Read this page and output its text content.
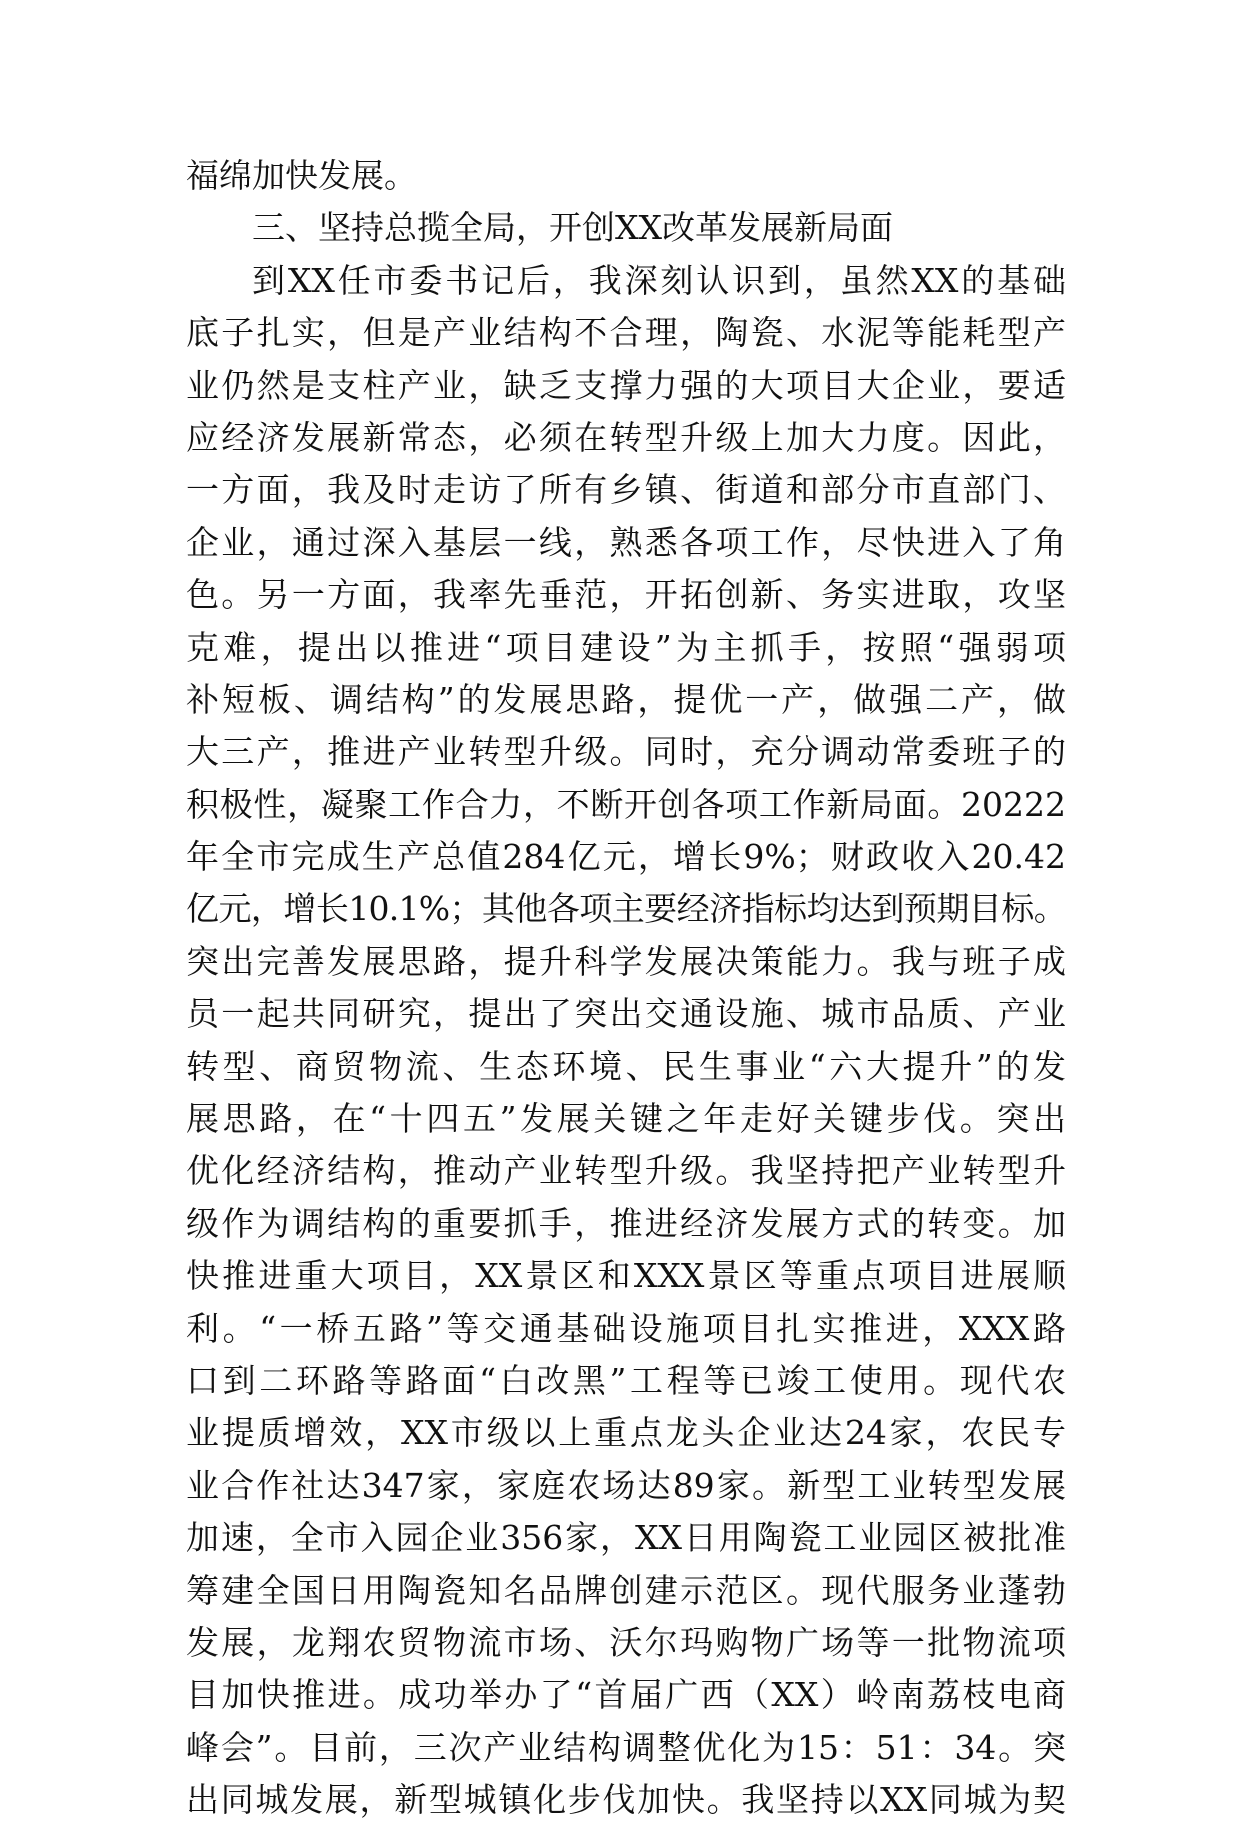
福绵加快发展。
三、坚持总揽全局，开创XX改革发展新局面
到XX任市委书记后，我深刻认识到，虽然XX的基础
底子扎实，但是产业结构不合理，陶瓷、水泥等能耗型产
业仍然是支柱产业，缺乏支撑力强的大项目大企业，要适
应经济发展新常态，必须在转型升级上加大力度。因此，
一方面，我及时走访了所有乡镇、街道和部分市直部门、
企业，通过深入基层一线，熟悉各项工作，尽快进入了角
色。另一方面，我率先垂范，开拓创新、务实进取，攻坚
克难，提出以推进“项目建设”为主抓手，按照“强弱项
补短板、调结构”的发展思路，提优一产，做强二产，做
大三产，推进产业转型升级。同时，充分调动常委班子的
积极性，凝聚工作合力，不断开创各项工作新局面。20222
年全市完成生产总值284亿元，增长9%；财政收入20.42
亿元，增长10.1%；其他各项主要经济指标均达到预期目标。
突出完善发展思路，提升科学发展决策能力。我与班子成
员一起共同研究，提出了突出交通设施、城市品质、产业
转型、商贸物流、生态环境、民生事业“六大提升”的发
展思路，在“十四五”发展关键之年走好关键步伐。突出
优化经济结构，推动产业转型升级。我坚持把产业转型升
级作为调结构的重要抓手，推进经济发展方式的转变。加
快推进重大项目，XX景区和XXX景区等重点项目进展顺
利。“一桥五路”等交通基础设施项目扎实推进，XXX路
口到二环路等路面“白改黑”工程等已竣工使用。现代农
业提质增效，XX市级以上重点龙头企业达24家，农民专
业合作社达347家，家庭农场达89家。新型工业转型发展
加速，全市入园企业356家，XX日用陶瓷工业园区被批准
筹建全国日用陶瓷知名品牌创建示范区。现代服务业蓬勃
发展，龙翔农贸物流市场、沃尔玛购物广场等一批物流项
目加快推进。成功举办了“首届广西（XX）岭南荔枝电商
峰会”。目前，三次产业结构调整优化为15：51：34。突
出同城发展，新型城镇化步伐加快。我坚持以XX同城为契
